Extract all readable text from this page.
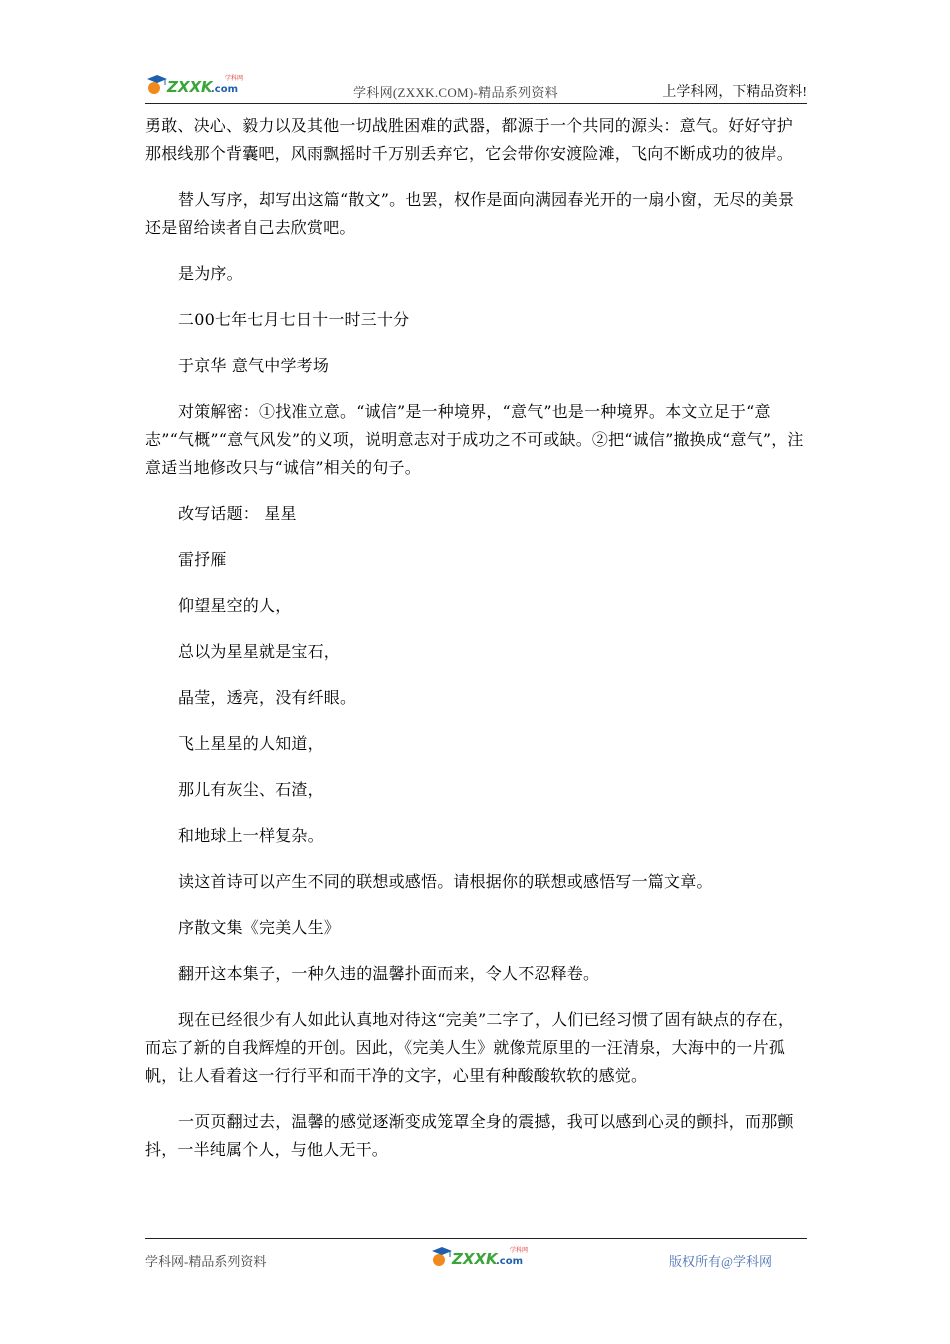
ZXXK
.com
学科网
学科网(ZXXK.COM)-精品系列资料	上学科网，下精品资料!

勇敢、决心、毅力以及其他一切战胜困难的武器，都源于一个共同的源头：意气。好好守护那根线那个背囊吧，风雨飘摇时千万别丢弃它，它会带你安渡险滩，飞向不断成功的彼岸。

替人写序，却写出这篇“散文”。也罢，权作是面向满园春光开的一扇小窗，无尽的美景还是留给读者自己去欣赏吧。

是为序。

二00七年七月七日十一时三十分

于京华 意气中学考场

对策解密：①找准立意。“诚信”是一种境界，“意气”也是一种境界。本文立足于“意志”“气概”“意气风发”的义项，说明意志对于成功之不可或缺。②把“诚信”撤换成“意气”，注意适当地修改只与“诚信”相关的句子。

改写话题： 星星

雷抒雁

仰望星空的人，

总以为星星就是宝石，

晶莹，透亮，没有纤眼。

飞上星星的人知道，

那儿有灰尘、石渣，

和地球上一样复杂。

读这首诗可以产生不同的联想或感悟。请根据你的联想或感悟写一篇文章。

序散文集《完美人生》

翻开这本集子，一种久违的温馨扑面而来，令人不忍释卷。

现在已经很少有人如此认真地对待这“完美”二字了，人们已经习惯了固有缺点的存在，而忘了新的自我辉煌的开创。因此，《完美人生》就像荒原里的一汪清泉，大海中的一片孤帆，让人看着这一行行平和而干净的文字，心里有种酸酸软软的感觉。

一页页翻过去，温馨的感觉逐渐变成笼罩全身的震撼，我可以感到心灵的颤抖，而那颤抖，一半纯属个人，与他人无干。

学科网-精品系列资料	ZXXK
.com
学科网
版权所有@学科网
